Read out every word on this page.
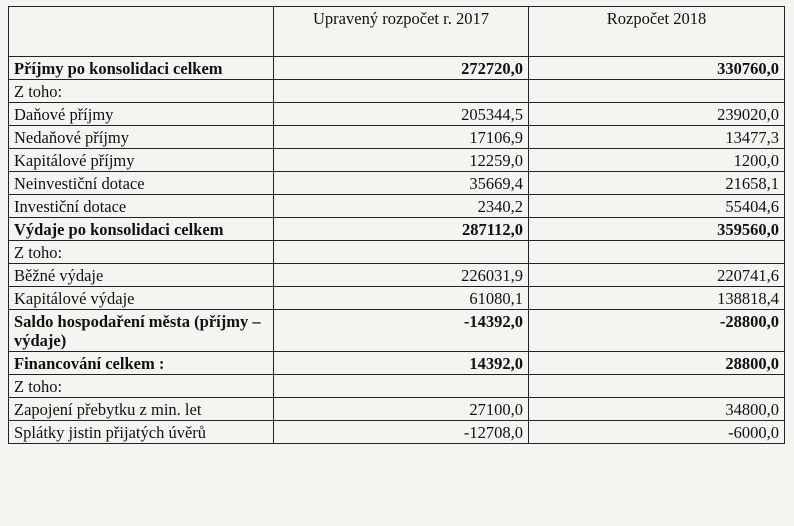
	Upravený rozpočet r. 2017	Rozpočet 2018
Příjmy po konsolidaci celkem	272720,0	330760,0
Z toho:		
Daňové příjmy	205344,5	239020,0
Nedaňové příjmy	17106,9	13477,3
Kapitálové příjmy	12259,0	1200,0
Neinvestiční dotace	35669,4	21658,1
Investiční dotace	2340,2	55404,6
Výdaje po konsolidaci celkem	287112,0	359560,0
Z toho:		
Běžné výdaje	226031,9	220741,6
Kapitálové výdaje	61080,1	138818,4
Saldo hospodaření města (příjmy – výdaje)	-14392,0	-28800,0
Financování celkem :	14392,0	28800,0
Z toho:		
Zapojení přebytku z min. let	27100,0	34800,0
Splátky jistin přijatých úvěrů	-12708,0	-6000,0
